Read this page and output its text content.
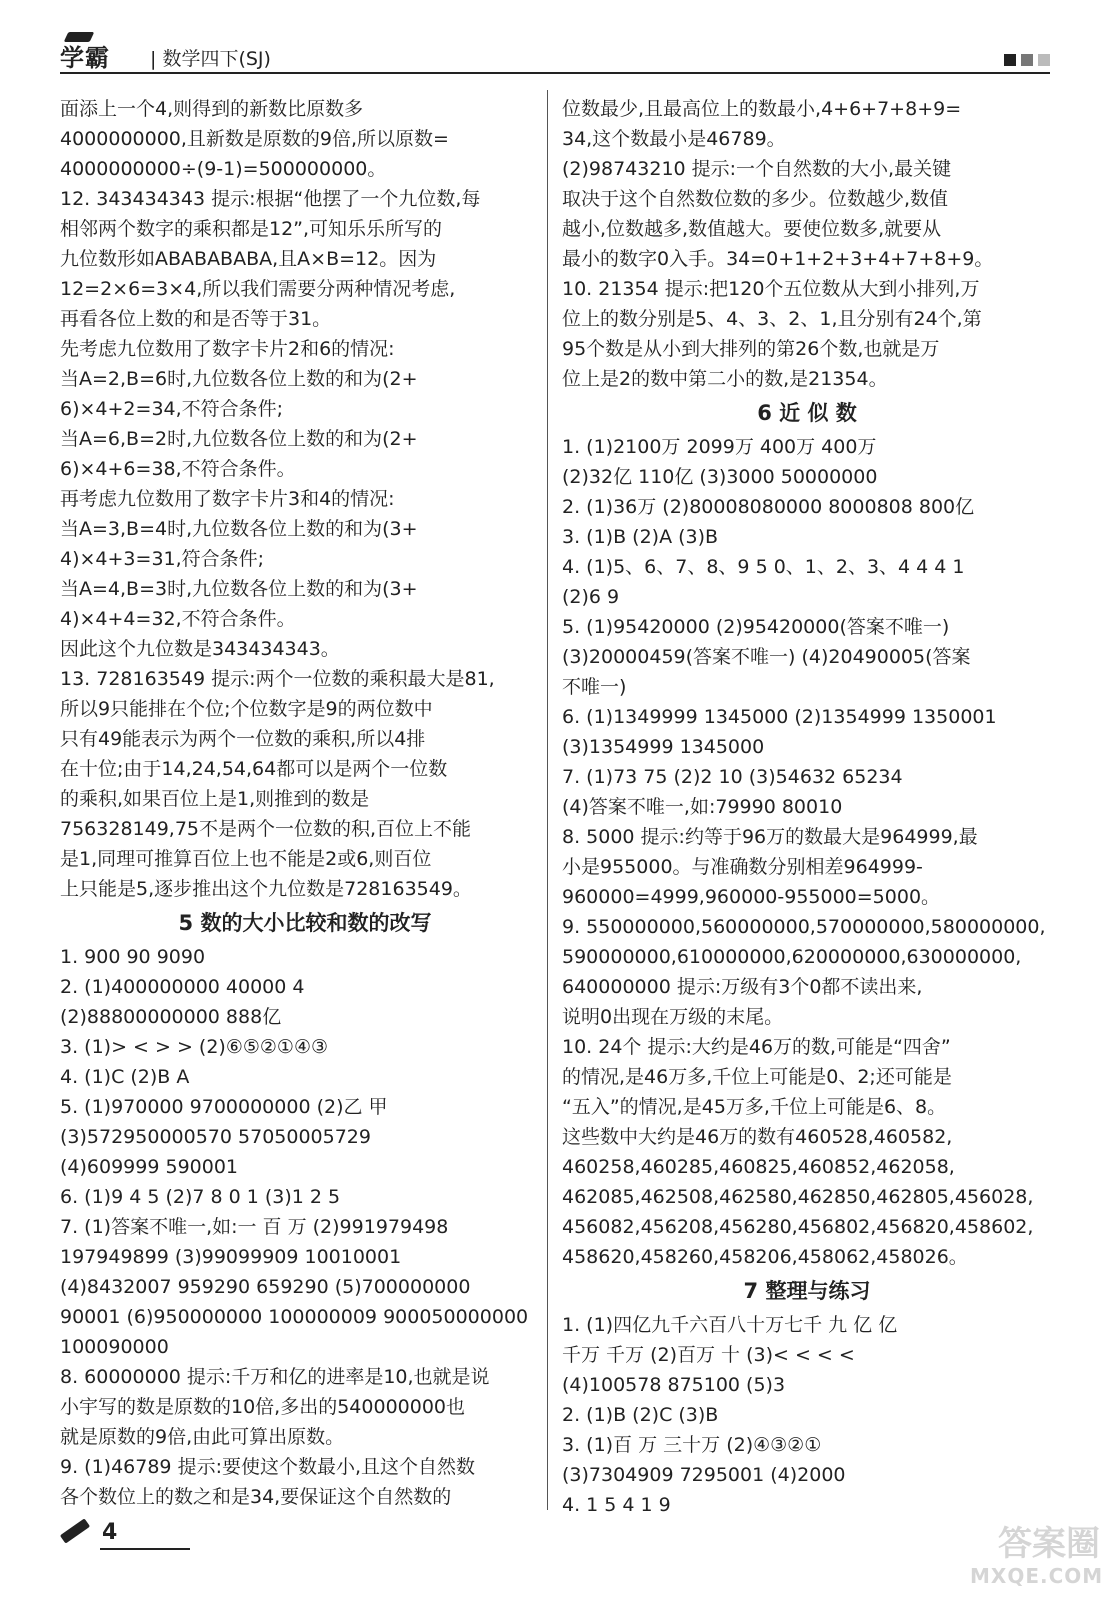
学霸 | 数学四下(SJ)
面添上一个4,则得到的新数比原数多
4000000000,且新数是原数的9倍,所以原数=
4000000000÷(9-1)=500000000。
12. 343434343 提示:根据“他摆了一个九位数,每
相邻两个数字的乘积都是12”,可知乐乐所写的
九位数形如ABABABABA,且A×B=12。因为
12=2×6=3×4,所以我们需要分两种情况考虑,
再看各位上数的和是否等于31。
先考虑九位数用了数字卡片2和6的情况:
当A=2,B=6时,九位数各位上数的和为(2+
6)×4+2=34,不符合条件;
当A=6,B=2时,九位数各位上数的和为(2+
6)×4+6=38,不符合条件。
再考虑九位数用了数字卡片3和4的情况:
当A=3,B=4时,九位数各位上数的和为(3+
4)×4+3=31,符合条件;
当A=4,B=3时,九位数各位上数的和为(3+
4)×4+4=32,不符合条件。
因此这个九位数是343434343。
13. 728163549 提示:两个一位数的乘积最大是81,
所以9只能排在个位;个位数字是9的两位数中
只有49能表示为两个一位数的乘积,所以4排
在十位;由于14,24,54,64都可以是两个一位数
的乘积,如果百位上是1,则推到的数是
756328149,75不是两个一位数的积,百位上不能
是1,同理可推算百位上也不能是2或6,则百位
上只能是5,逐步推出这个九位数是728163549。
5 数的大小比较和数的改写
1. 900 90 9090
2. (1)400000000 40000 4
(2)88800000000 888亿
3. (1)> < > > (2)⑥⑤②①④③
4. (1)C (2)B A
5. (1)970000 9700000000 (2)乙 甲
(3)572950000570 57050005729
(4)609999 590001
6. (1)9 4 5 (2)7 8 0 1 (3)1 2 5
7. (1)答案不唯一,如:一 百 万 (2)991979498
197949899 (3)99099909 10010001
(4)8432007 959290 659290 (5)700000000
90001 (6)950000000 100000009 900050000000
100090000
8. 60000000 提示:千万和亿的进率是10,也就是说
小宇写的数是原数的10倍,多出的540000000也
就是原数的9倍,由此可算出原数。
9. (1)46789 提示:要使这个数最小,且这个自然数
各个数位上的数之和是34,要保证这个自然数的
位数最少,且最高位上的数最小,4+6+7+8+9=
34,这个数最小是46789。
(2)98743210 提示:一个自然数的大小,最关键
取决于这个自然数位数的多少。位数越少,数值
越小,位数越多,数值越大。要使位数多,就要从
最小的数字0入手。34=0+1+2+3+4+7+8+9。
10. 21354 提示:把120个五位数从大到小排列,万
位上的数分别是5、4、3、2、1,且分别有24个,第
95个数是从小到大排列的第26个数,也就是万
位上是2的数中第二小的数,是21354。
6 近 似 数
1. (1)2100万 2099万 400万 400万
(2)32亿 110亿 (3)3000 50000000
2. (1)36万 (2)80008080000 8000808 800亿
3. (1)B (2)A (3)B
4. (1)5、6、7、8、9 5 0、1、2、3、4 4 4 1
(2)6 9
5. (1)95420000 (2)95420000(答案不唯一)
(3)20000459(答案不唯一) (4)20490005(答案
不唯一)
6. (1)1349999 1345000 (2)1354999 1350001
(3)1354999 1345000
7. (1)73 75 (2)2 10 (3)54632 65234
(4)答案不唯一,如:79990 80010
8. 5000 提示:约等于96万的数最大是964999,最
小是955000。与准确数分别相差964999-
960000=4999,960000-955000=5000。
9. 550000000,560000000,570000000,580000000,
590000000,610000000,620000000,630000000,
640000000 提示:万级有3个0都不读出来,
说明0出现在万级的末尾。
10. 24个 提示:大约是46万的数,可能是“四舍”
的情况,是46万多,千位上可能是0、2;还可能是
“五入”的情况,是45万多,千位上可能是6、8。
这些数中大约是46万的数有460528,460582,
460258,460285,460825,460852,462058,
462085,462508,462580,462850,462805,456028,
456082,456208,456280,456802,456820,458602,
458620,458260,458206,458062,458026。
7 整理与练习
1. (1)四亿九千六百八十万七千 九 亿 亿
千万 千万 (2)百万 十 (3)< < < <
(4)100578 875100 (5)3
2. (1)B (2)C (3)B
3. (1)百 万 三十万 (2)④③②①
(3)7304909 7295001 (4)2000
4. 1 5 4 1 9
4	答案圈
MXQE.COM
